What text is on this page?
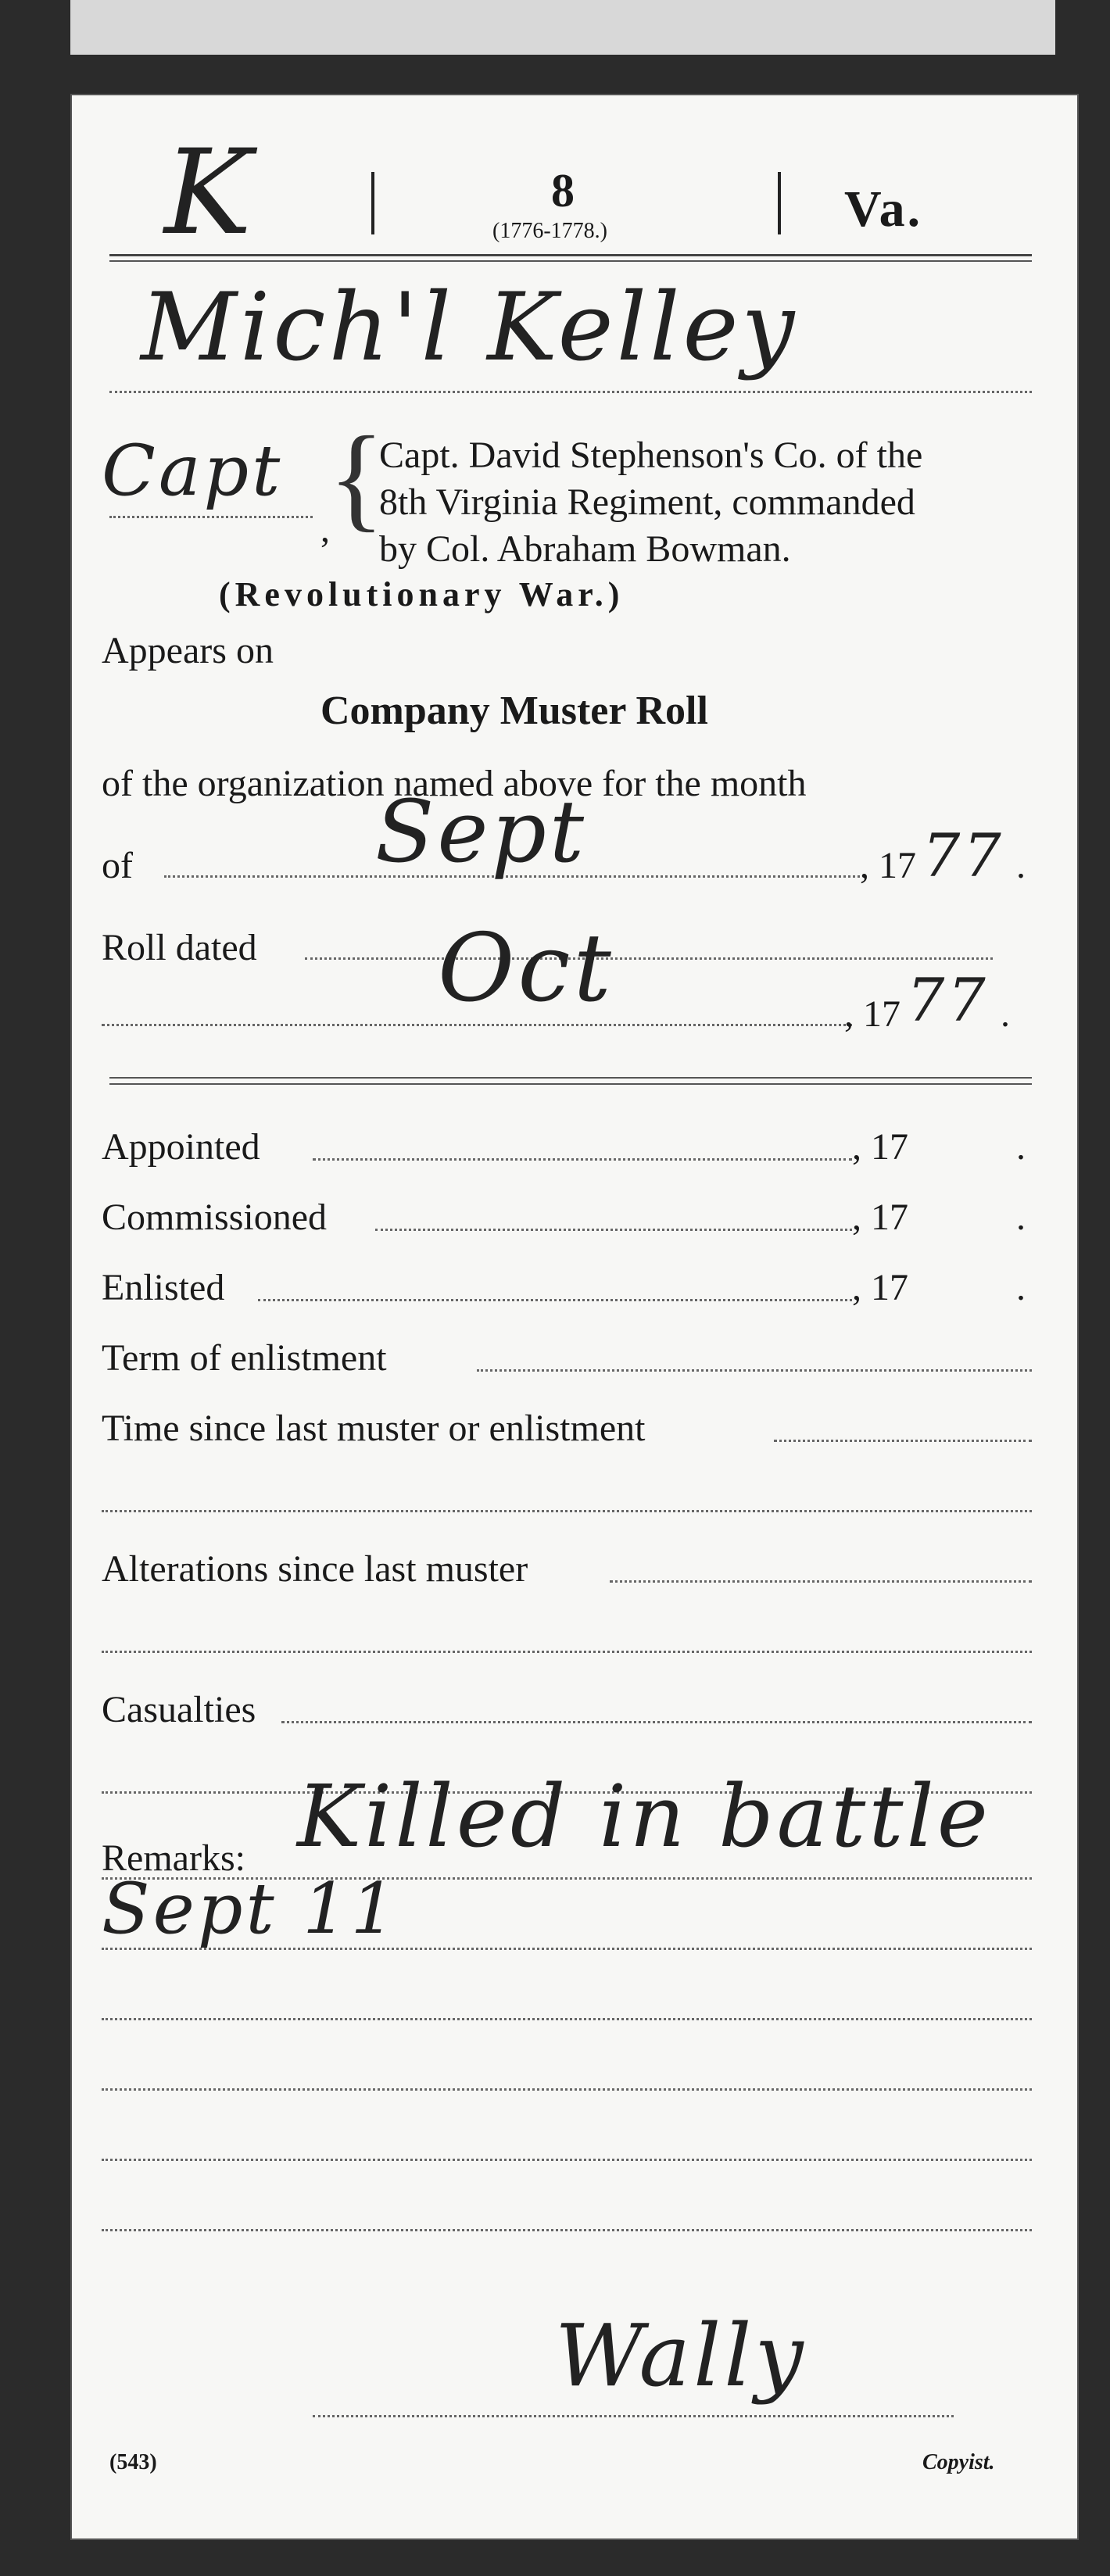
K	8
(1776-1778.)	Va.
Mich'l Kelley
Capt
,
{
Capt. David Stephenson's Co. of the
8th Virginia Regiment, commanded
by Col. Abraham Bowman.
(Revolutionary War.)
Appears on
Company Muster Roll
of the organization named above for the month
of	Sept	, 17 77 .
Roll dated Oct	, 17 77 .
Appointed	, 17	.
Commissioned	, 17	.
Enlisted	, 17	.
Term of enlistment
Time since last muster or enlistment
Alterations since last muster
Casualties
Remarks: Killed in battle
Sept 11
Wally
(543)	Copyist.
